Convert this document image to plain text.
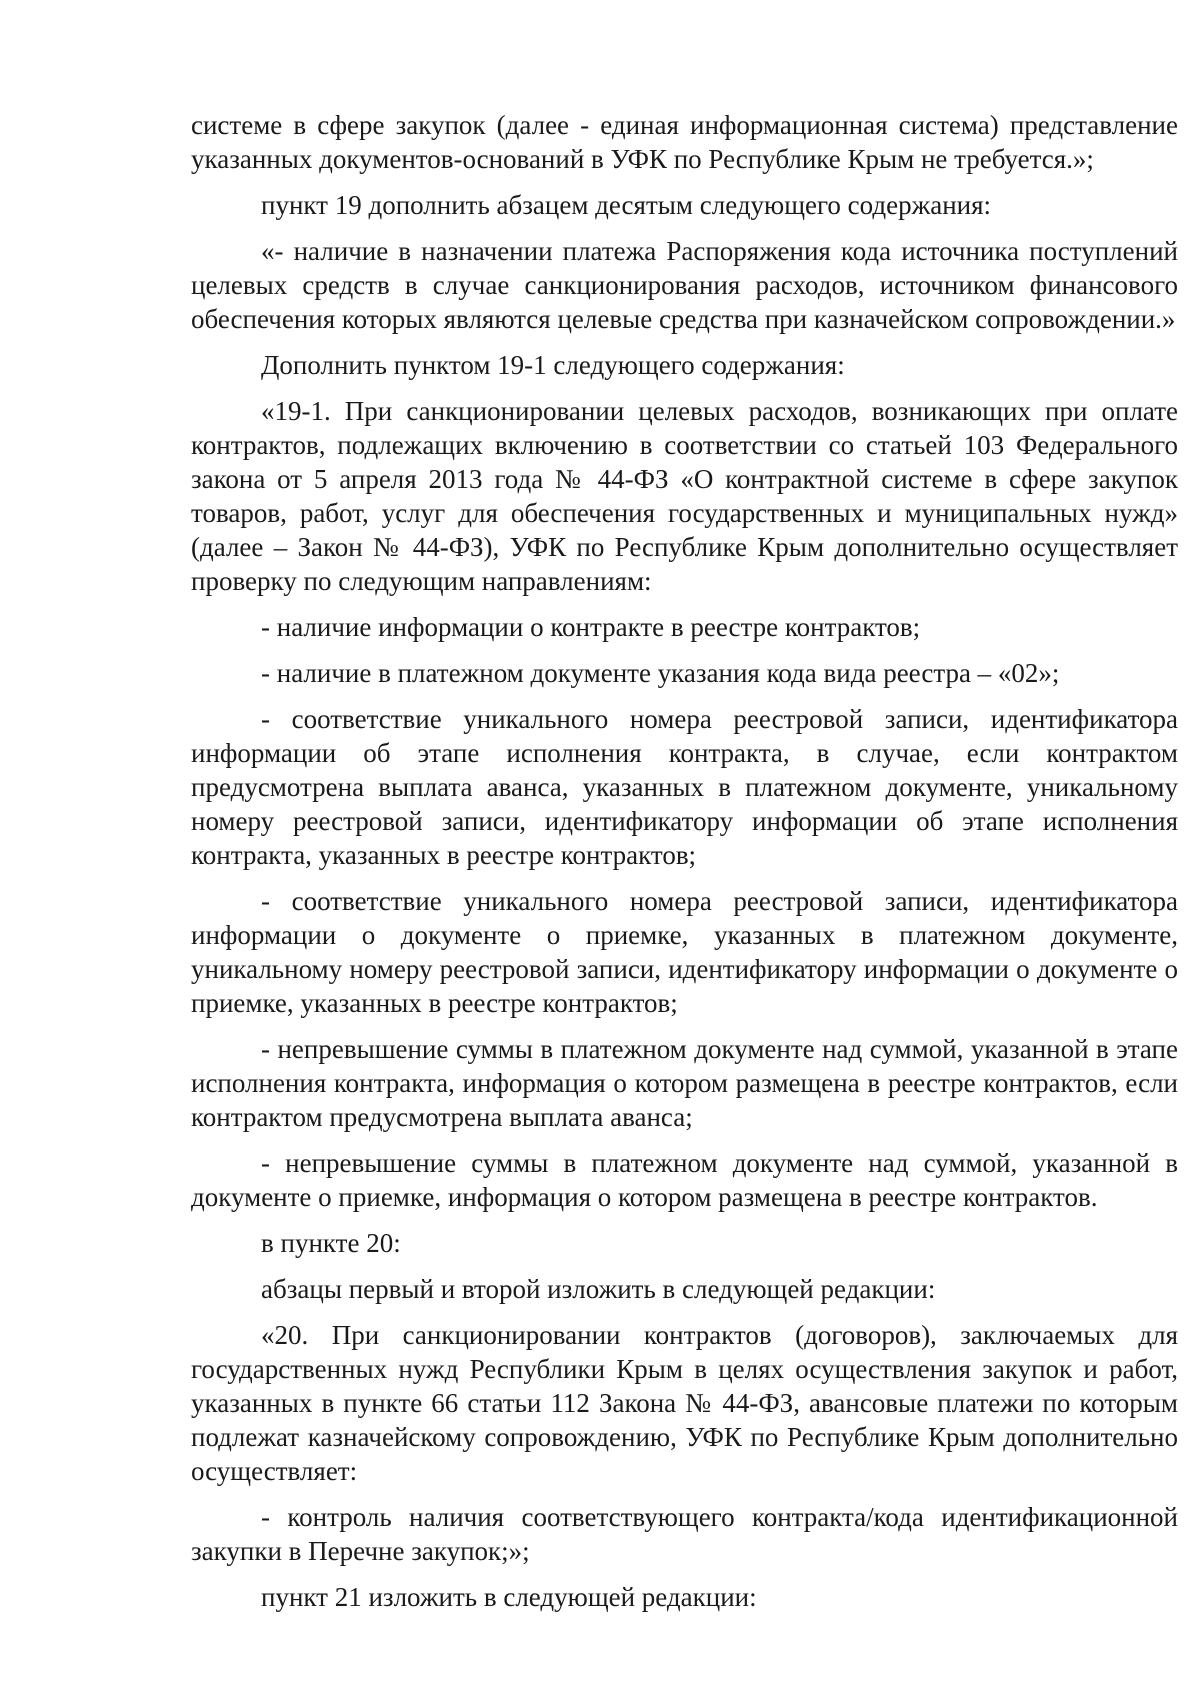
системе в сфере закупок (далее - единая информационная система) представление указанных документов-оснований в УФК по Республике Крым не требуется.»;

пункт 19 дополнить абзацем десятым следующего содержания:

«- наличие в назначении платежа Распоряжения кода источника поступлений целевых средств в случае санкционирования расходов, источником финансового обеспечения которых являются целевые средства при казначейском сопровождении.»

Дополнить пунктом 19-1 следующего содержания:

«19-1. При санкционировании целевых расходов, возникающих при оплате контрактов, подлежащих включению в соответствии со статьей 103 Федерального закона от 5 апреля 2013 года № 44-ФЗ «О контрактной системе в сфере закупок товаров, работ, услуг для обеспечения государственных и муниципальных нужд» (далее – Закон № 44-ФЗ), УФК по Республике Крым дополнительно осуществляет проверку по следующим направлениям:

- наличие информации о контракте в реестре контрактов;

- наличие в платежном документе указания кода вида реестра – «02»;

- соответствие уникального номера реестровой записи, идентификатора информации об этапе исполнения контракта, в случае, если контрактом предусмотрена выплата аванса, указанных в платежном документе, уникальному номеру реестровой записи, идентификатору информации об этапе исполнения контракта, указанных в реестре контрактов;

- соответствие уникального номера реестровой записи, идентификатора информации о документе о приемке, указанных в платежном документе, уникальному номеру реестровой записи, идентификатору информации о документе о приемке, указанных в реестре контрактов;

- непревышение суммы в платежном документе над суммой, указанной в этапе исполнения контракта, информация о котором размещена в реестре контрактов, если контрактом предусмотрена выплата аванса;

- непревышение суммы в платежном документе над суммой, указанной в документе о приемке, информация о котором размещена в реестре контрактов.

в пункте 20:

абзацы первый и второй изложить в следующей редакции:

«20. При санкционировании контрактов (договоров), заключаемых для государственных нужд Республики Крым в целях осуществления закупок и работ, указанных в пункте 66 статьи 112 Закона № 44-ФЗ, авансовые платежи по которым подлежат казначейскому сопровождению, УФК по Республике Крым дополнительно осуществляет:

- контроль наличия соответствующего контракта/кода идентификационной закупки в Перечне закупок;»;

пункт 21 изложить в следующей редакции:
